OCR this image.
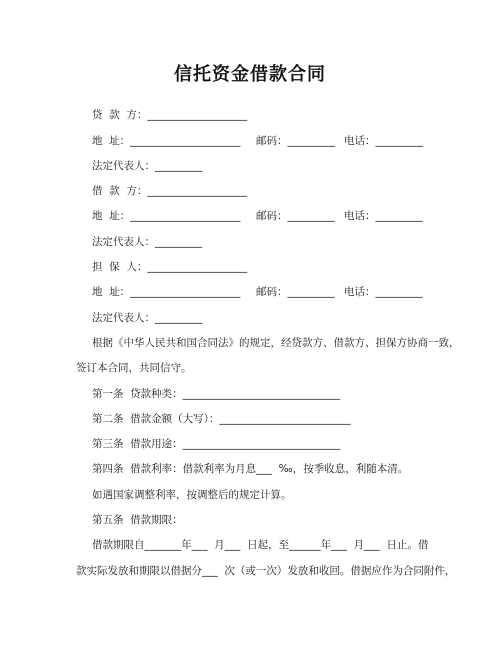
信托资金借款合同
贷  款  方：___________________
地  址：_____________________ 邮码：_________ 电话：_________
法定代表人：_________
借  款  方：___________________
地  址：_____________________ 邮码：_________ 电话：_________
法定代表人：_________
担  保  人：___________________
地  址：_____________________ 邮码：_________ 电话：_________
法定代表人：_________
根据《中华人民共和国合同法》的规定，经贷款方、借款方、担保方协商一致，
签订本合同，共同信守。
第一条  贷款种类：______________________________
第二条  借款金额（大写）：_________________________
第三条  借款用途：______________________________
第四条  借款利率：借款利率为月息___  ‰，按季收息，利随本清。
如遇国家调整利率，按调整后的规定计算。
第五条  借款期限：
借款期限自_______年___  月___  日起，至______年___  月___  日止。借
款实际发放和期限以借据分___  次（或一次）发放和收回。借据应作为合同附件，
